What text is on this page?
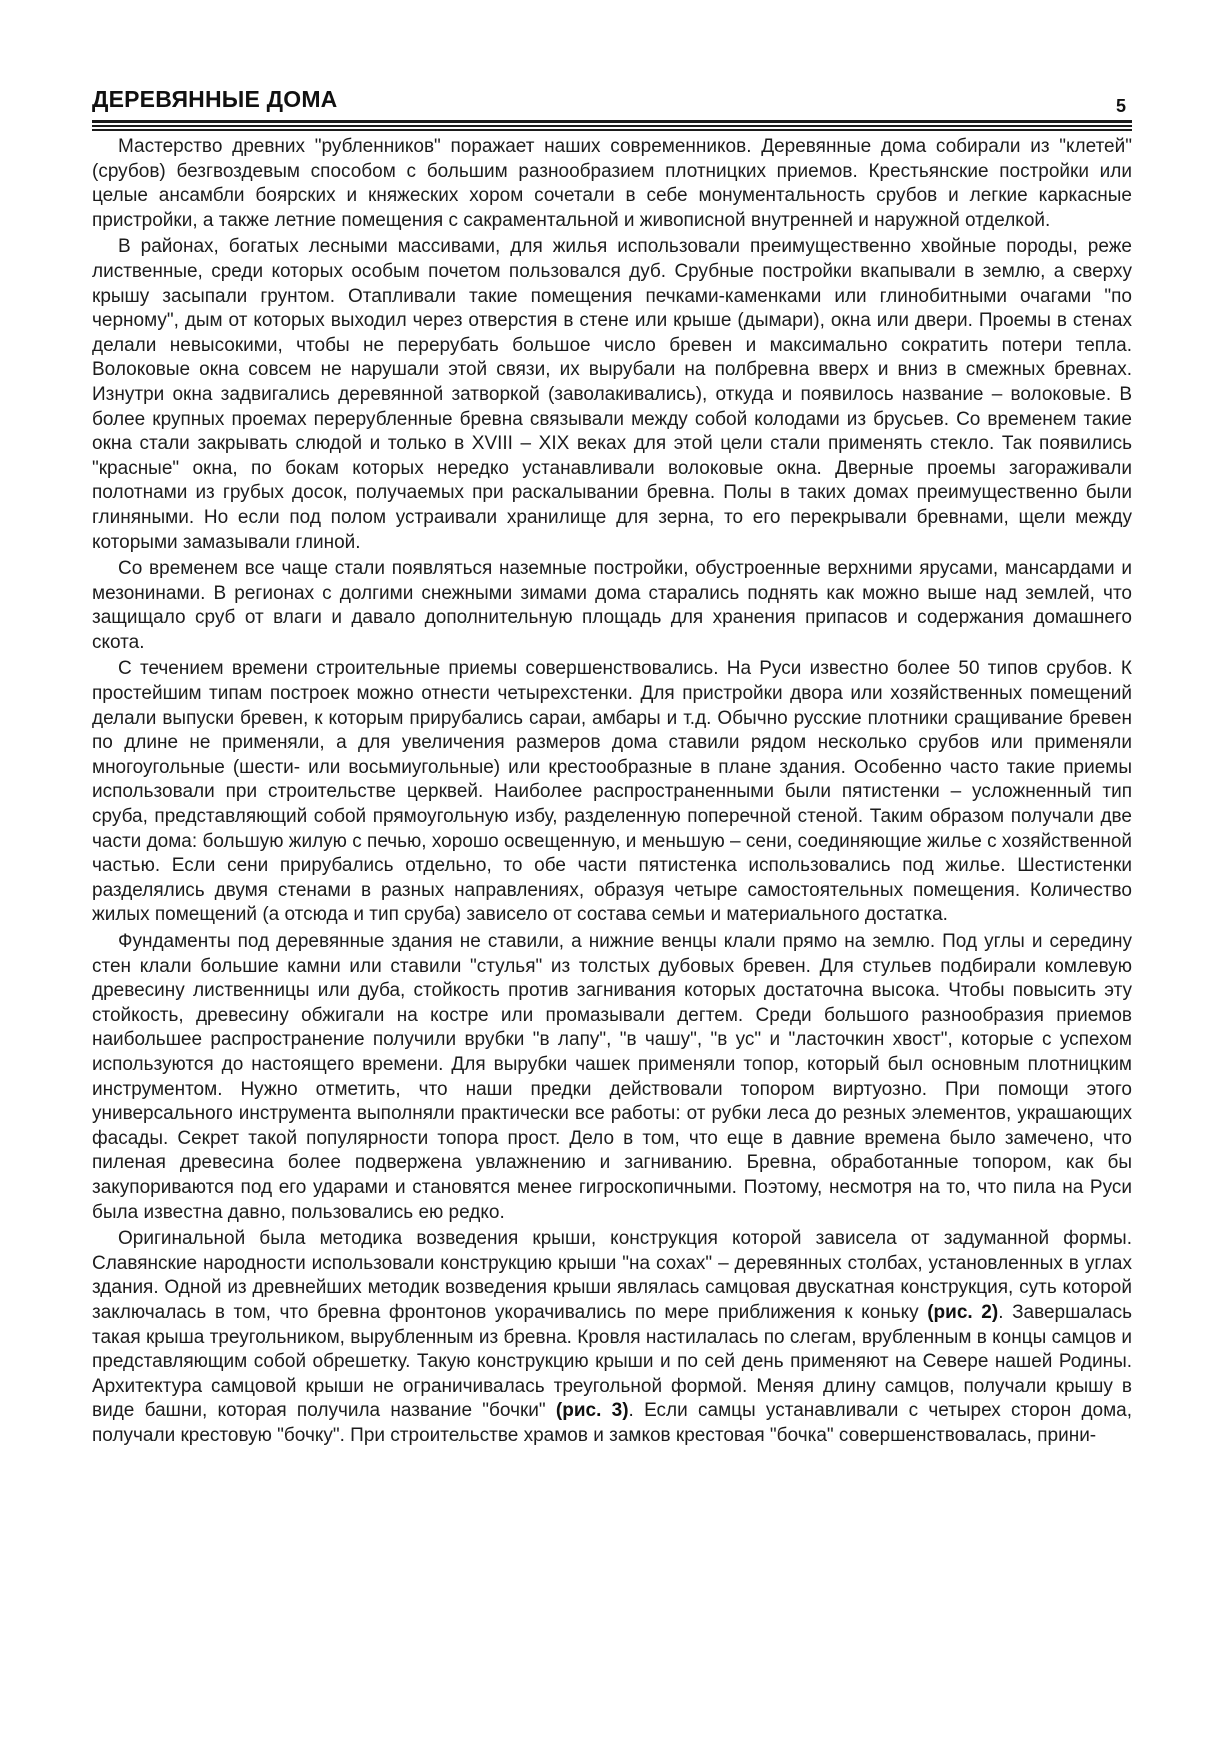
ДЕРЕВЯННЫЕ ДОМА	5

Мастерство древних "рубленников" поражает наших современников. Деревянные дома собирали из "клетей" (срубов) безгвоздевым способом с большим разнообразием плотницких приемов. Крестьянские постройки или целые ансамбли боярских и княжеских хором сочетали в себе монументальность срубов и легкие каркасные пристройки, а также летние помещения с сакраментальной и живописной внутренней и наружной отделкой.

В районах, богатых лесными массивами, для жилья использовали преимущественно хвойные породы, реже лиственные, среди которых особым почетом пользовался дуб. Срубные постройки вкапывали в землю, а сверху крышу засыпали грунтом. Отапливали такие помещения печками-каменками или глинобитными очагами "по черному", дым от которых выходил через отверстия в стене или крыше (дымари), окна или двери. Проемы в стенах делали невысокими, чтобы не перерубать большое число бревен и максимально сократить потери тепла. Волоковые окна совсем не нарушали этой связи, их вырубали на полбревна вверх и вниз в смежных бревнах. Изнутри окна задвигались деревянной затворкой (заволакивались), откуда и появилось название – волоковые. В более крупных проемах перерубленные бревна связывали между собой колодами из брусьев. Со временем такие окна стали закрывать слюдой и только в XVIII – XIX веках для этой цели стали применять стекло. Так появились "красные" окна, по бокам которых нередко устанавливали волоковые окна. Дверные проемы загораживали полотнами из грубых досок, получаемых при раскалывании бревна. Полы в таких домах преимущественно были глиняными. Но если под полом устраивали хранилище для зерна, то его перекрывали бревнами, щели между которыми замазывали глиной.

Со временем все чаще стали появляться наземные постройки, обустроенные верхними ярусами, мансардами и мезонинами. В регионах с долгими снежными зимами дома старались поднять как можно выше над землей, что защищало сруб от влаги и давало дополнительную площадь для хранения припасов и содержания домашнего скота.

С течением времени строительные приемы совершенствовались. На Руси известно более 50 типов срубов. К простейшим типам построек можно отнести четырехстенки. Для пристройки двора или хозяйственных помещений делали выпуски бревен, к которым прирубались сараи, амбары и т.д. Обычно русские плотники сращивание бревен по длине не применяли, а для увеличения размеров дома ставили рядом несколько срубов или применяли многоугольные (шести- или восьмиугольные) или крестообразные в плане здания. Особенно часто такие приемы использовали при строительстве церквей. Наиболее распространенными были пятистенки – усложненный тип сруба, представляющий собой прямоугольную избу, разделенную поперечной стеной. Таким образом получали две части дома: большую жилую с печью, хорошо освещенную, и меньшую – сени, соединяющие жилье с хозяйственной частью. Если сени прирубались отдельно, то обе части пятистенка использовались под жилье. Шестистенки разделялись двумя стенами в разных направлениях, образуя четыре самостоятельных помещения. Количество жилых помещений (а отсюда и тип сруба) зависело от состава семьи и материального достатка.

Фундаменты под деревянные здания не ставили, а нижние венцы клали прямо на землю. Под углы и середину стен клали большие камни или ставили "стулья" из толстых дубовых бревен. Для стульев подбирали комлевую древесину лиственницы или дуба, стойкость против загнивания которых достаточна высока. Чтобы повысить эту стойкость, древесину обжигали на костре или промазывали дегтем. Среди большого разнообразия приемов наибольшее распространение получили врубки "в лапу", "в чашу", "в ус" и "ласточкин хвост", которые с успехом используются до настоящего времени. Для вырубки чашек применяли топор, который был основным плотницким инструментом. Нужно отметить, что наши предки действовали топором виртуозно. При помощи этого универсального инструмента выполняли практически все работы: от рубки леса до резных элементов, украшающих фасады. Секрет такой популярности топора прост. Дело в том, что еще в давние времена было замечено, что пиленая древесина более подвержена увлажнению и загниванию. Бревна, обработанные топором, как бы закупориваются под его ударами и становятся менее гигроскопичными. Поэтому, несмотря на то, что пила на Руси была известна давно, пользовались ею редко.

Оригинальной была методика возведения крыши, конструкция которой зависела от задуманной формы. Славянские народности использовали конструкцию крыши "на сохах" – деревянных столбах, установленных в углах здания. Одной из древнейших методик возведения крыши являлась самцовая двускатная конструкция, суть которой заключалась в том, что бревна фронтонов укорачивались по мере приближения к коньку (рис. 2). Завершалась такая крыша треугольником, вырубленным из бревна. Кровля настилалась по слегам, врубленным в концы самцов и представляющим собой обрешетку. Такую конструкцию крыши и по сей день применяют на Севере нашей Родины. Архитектура самцовой крыши не ограничивалась треугольной формой. Меняя длину самцов, получали крышу в виде башни, которая получила название "бочки" (рис. 3). Если самцы устанавливали с четырех сторон дома, получали крестовую "бочку". При строительстве храмов и замков крестовая "бочка" совершенствовалась, прини-
